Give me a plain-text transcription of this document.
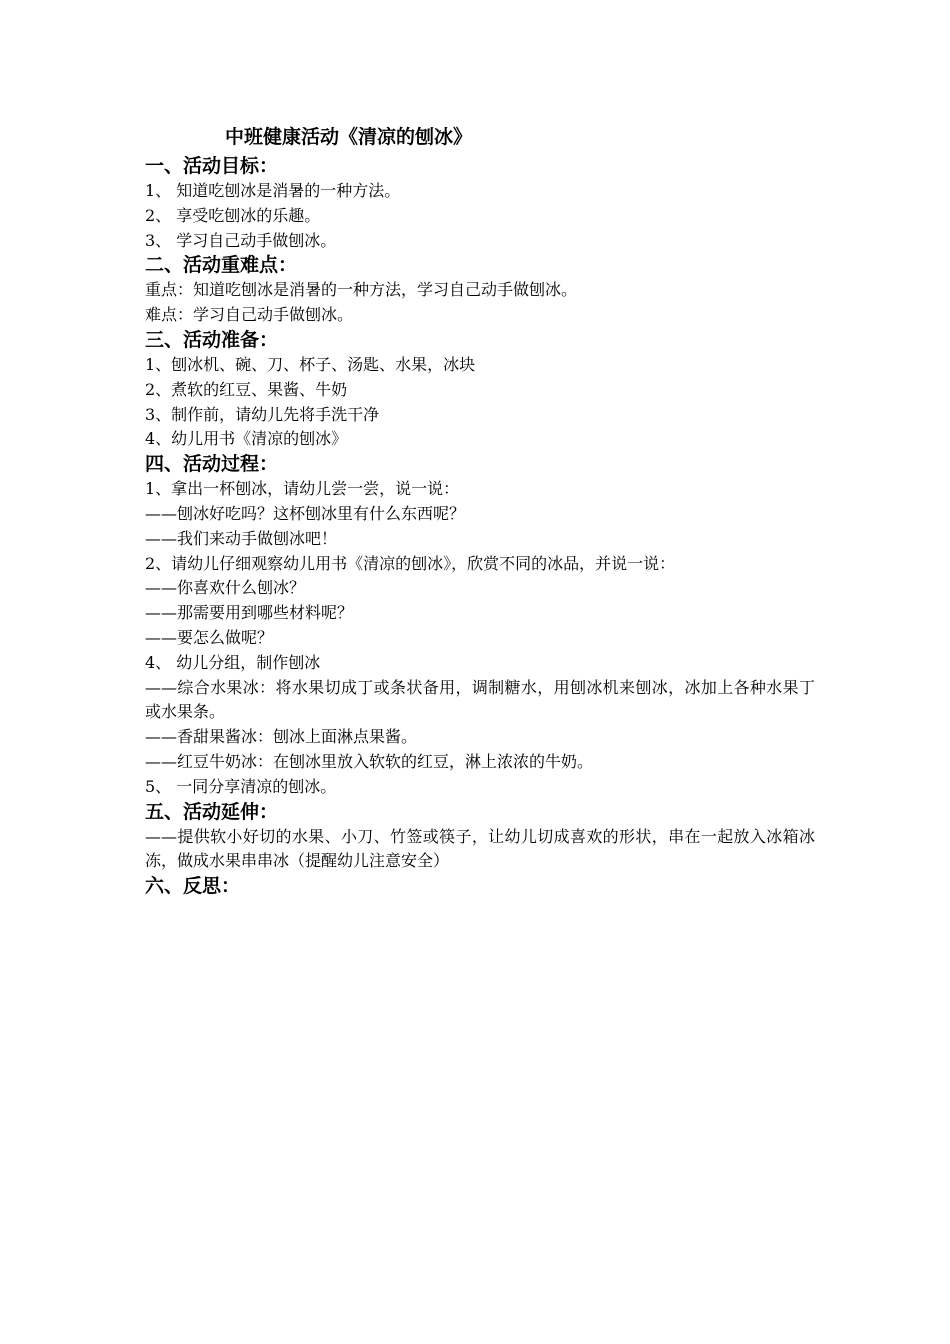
中班健康活动《清凉的刨冰》
一、活动目标：
1、 知道吃刨冰是消暑的一种方法。
2、 享受吃刨冰的乐趣。
3、 学习自己动手做刨冰。
二、活动重难点：
重点：知道吃刨冰是消暑的一种方法，学习自己动手做刨冰。
难点：学习自己动手做刨冰。
三、活动准备：
1、刨冰机、碗、刀、杯子、汤匙、水果，冰块
2、煮软的红豆、果酱、牛奶
3、制作前，请幼儿先将手洗干净
4、幼儿用书《清凉的刨冰》
四、活动过程：
1、拿出一杯刨冰，请幼儿尝一尝，说一说：
——刨冰好吃吗？这杯刨冰里有什么东西呢？
——我们来动手做刨冰吧！
2、请幼儿仔细观察幼儿用书《清凉的刨冰》，欣赏不同的冰品，并说一说：
——你喜欢什么刨冰？
——那需要用到哪些材料呢？
——要怎么做呢？
4、 幼儿分组，制作刨冰
——综合水果冰：将水果切成丁或条状备用，调制糖水，用刨冰机来刨冰，冰加上各种水果丁或水果条。
——香甜果酱冰：刨冰上面淋点果酱。
——红豆牛奶冰：在刨冰里放入软软的红豆，淋上浓浓的牛奶。
5、 一同分享清凉的刨冰。
五、活动延伸：
——提供软小好切的水果、小刀、竹签或筷子，让幼儿切成喜欢的形状，串在一起放入冰箱冰冻，做成水果串串冰（提醒幼儿注意安全）
六、反思：
